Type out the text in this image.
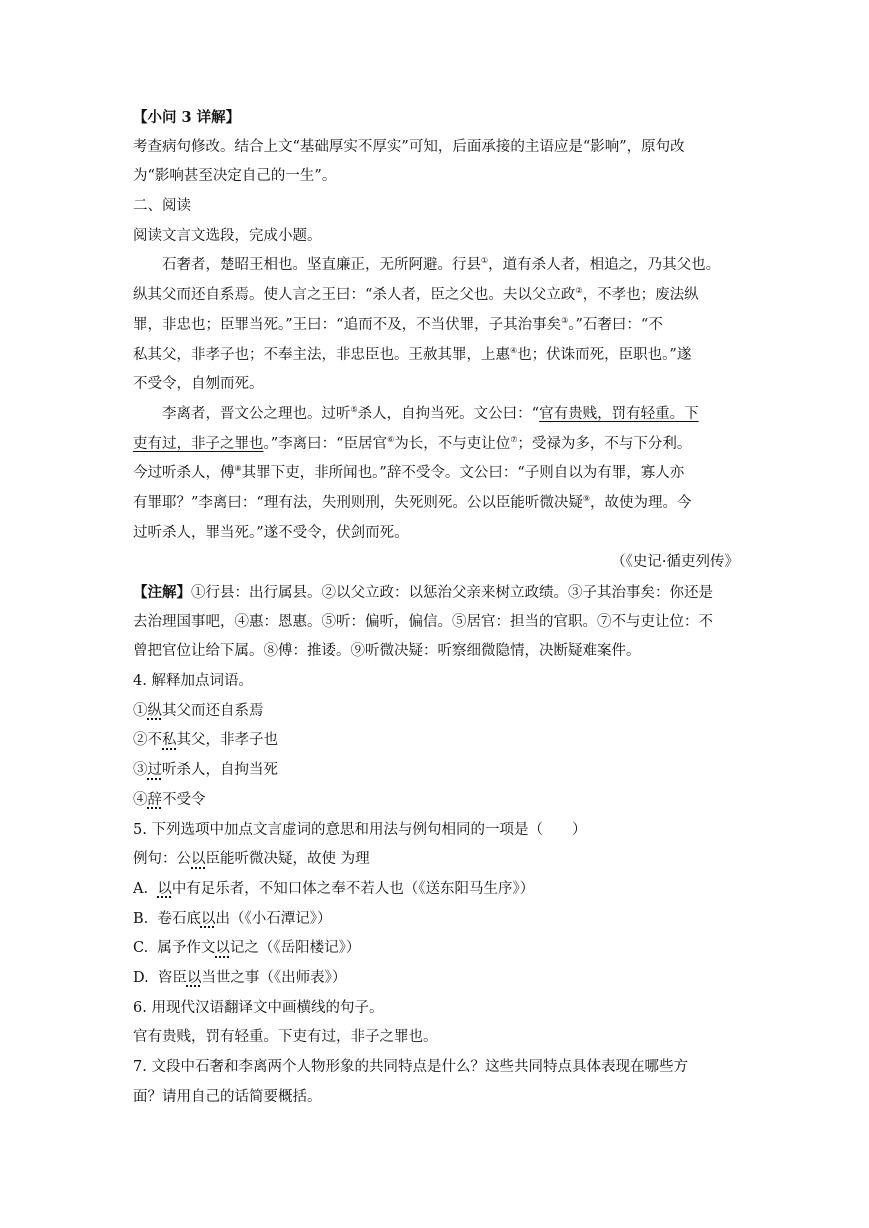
【小问 3 详解】
考查病句修改。结合上文“基础厚实不厚实”可知，后面承接的主语应是“影响”，原句改
为“影响甚至决定自己的一生”。
二、阅读
阅读文言文选段，完成小题。
石奢者，楚昭王相也。坚直廉正，无所阿避。行县①，道有杀人者，相追之，乃其父也。
纵其父而还自系焉。使人言之王曰：“杀人者，臣之父也。夫以父立政②，不孝也；废法纵
罪，非忠也；臣罪当死。”王曰：“追而不及，不当伏罪，子其治事矣③。”石奢曰：“不
私其父，非孝子也；不奉主法，非忠臣也。王赦其罪，上惠④也；伏诛而死，臣职也。”遂
不受令，自刎而死。
李离者，晋文公之理也。过听⑤杀人，自拘当死。文公曰：“官有贵贱，罚有轻重。下
吏有过，非子之罪也。”李离曰：“臣居官⑥为长，不与吏让位⑦；受禄为多，不与下分利。
今过听杀人，傅⑧其罪下吏，非所闻也。”辞不受令。文公曰：“子则自以为有罪，寡人亦
有罪耶？”李离曰：“理有法，失刑则刑，失死则死。公以臣能听微决疑⑨，故使为理。今
过听杀人，罪当死。”遂不受令，伏剑而死。
（《史记·循吏列传》
【注解】①行县：出行属县。②以父立政：以惩治父亲来树立政绩。③子其治事矣：你还是
去治理国事吧，④惠：恩惠。⑤听：偏听，偏信。⑤居官：担当的官职。⑦不与吏让位：不
曾把官位让给下属。⑧傅：推诿。⑨听微决疑：听察细微隐情，决断疑难案件。
4. 解释加点词语。
①纵其父而还自系焉
②不私其父，非孝子也
③过听杀人，自拘当死
④辞不受令
5. 下列选项中加点文言虚词的意思和用法与例句相同的一项是（　　）
例句：公以臣能听微决疑，故使 为理
A.  以中有足乐者，不知口体之奉不若人也（《送东阳马生序》）
B.  卷石底以出（《小石潭记》）
C.  属予作文以记之（《岳阳楼记》）
D.  咨臣以当世之事（《出师表》）
6. 用现代汉语翻译文中画横线的句子。
官有贵贱，罚有轻重。下吏有过，非子之罪也。
7. 文段中石奢和李离两个人物形象的共同特点是什么？这些共同特点具体表现在哪些方
面？请用自己的话简要概括。
